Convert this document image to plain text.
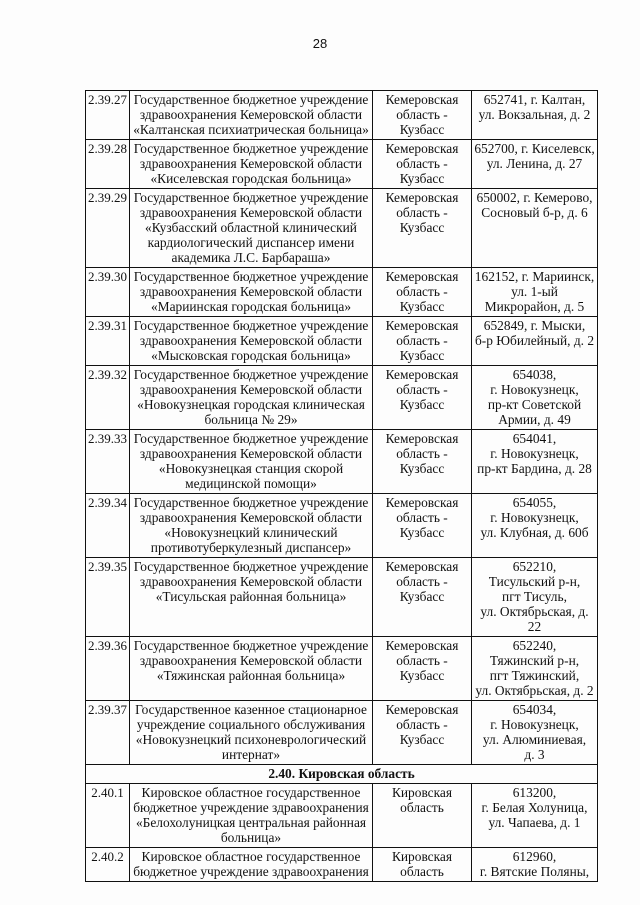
28
2.39.27	Государственное бюджетное учреждение
здравоохранения Кемеровской области
«Калтанская психиатрическая больница»	Кемеровская
область -
Кузбасс	652741, г. Калтан,
ул. Вокзальная, д. 2

2.39.28	Государственное бюджетное учреждение
здравоохранения Кемеровской области
«Киселевская городская больница»	Кемеровская
область -
Кузбасс	652700, г. Киселевск,
ул. Ленина, д. 27

2.39.29	Государственное бюджетное учреждение
здравоохранения Кемеровской области
«Кузбасский областной клинический
кардиологический диспансер имени
академика Л.С. Барбараша»	Кемеровская
область -
Кузбасс	650002, г. Кемерово,
Сосновый б-р, д. 6

2.39.30	Государственное бюджетное учреждение
здравоохранения Кемеровской области
«Мариинская городская больница»	Кемеровская
область -
Кузбасс	162152, г. Мариинск,
ул. 1-ый
Микрорайон, д. 5

2.39.31	Государственное бюджетное учреждение
здравоохранения Кемеровской области
«Мысковская городская больница»	Кемеровская
область -
Кузбасс	652849, г. Мыски,
б-р Юбилейный, д. 2

2.39.32	Государственное бюджетное учреждение
здравоохранения Кемеровской области
«Новокузнецкая городская клиническая
больница № 29»	Кемеровская
область -
Кузбасс	654038,
г. Новокузнецк,
пр-кт Советской
Армии, д. 49

2.39.33	Государственное бюджетное учреждение
здравоохранения Кемеровской области
«Новокузнецкая станция скорой
медицинской помощи»	Кемеровская
область -
Кузбасс	654041,
г. Новокузнецк,
пр-кт Бардина, д. 28

2.39.34	Государственное бюджетное учреждение
здравоохранения Кемеровской области
«Новокузнецкий клинический
противотуберкулезный диспансер»	Кемеровская
область -
Кузбасс	654055,
г. Новокузнецк,
ул. Клубная, д. 60б

2.39.35	Государственное бюджетное учреждение
здравоохранения Кемеровской области
«Тисульская районная больница»	Кемеровская
область -
Кузбасс	652210,
Тисульский р-н,
пгт Тисуль,
ул. Октябрьская, д. 22

2.39.36	Государственное бюджетное учреждение
здравоохранения Кемеровской области
«Тяжинская районная больница»	Кемеровская
область -
Кузбасс	652240,
Тяжинский р-н,
пгт Тяжинский,
ул. Октябрьская, д. 2

2.39.37	Государственное казенное стационарное
учреждение социального обслуживания
«Новокузнецкий психоневрологический
интернат»	Кемеровская
область -
Кузбасс	654034,
г. Новокузнецк,
ул. Алюминиевая,
д. 3

2.40. Кировская область			
2.40.1	Кировское областное государственное
бюджетное учреждение здравоохранения
«Белохолуницкая центральная районная
больница»	Кировская
область	613200,
г. Белая Холуница,
ул. Чапаева, д. 1

2.40.2	Кировское областное государственное
бюджетное учреждение здравоохранения	Кировская
область	612960,
г. Вятские Поляны,
